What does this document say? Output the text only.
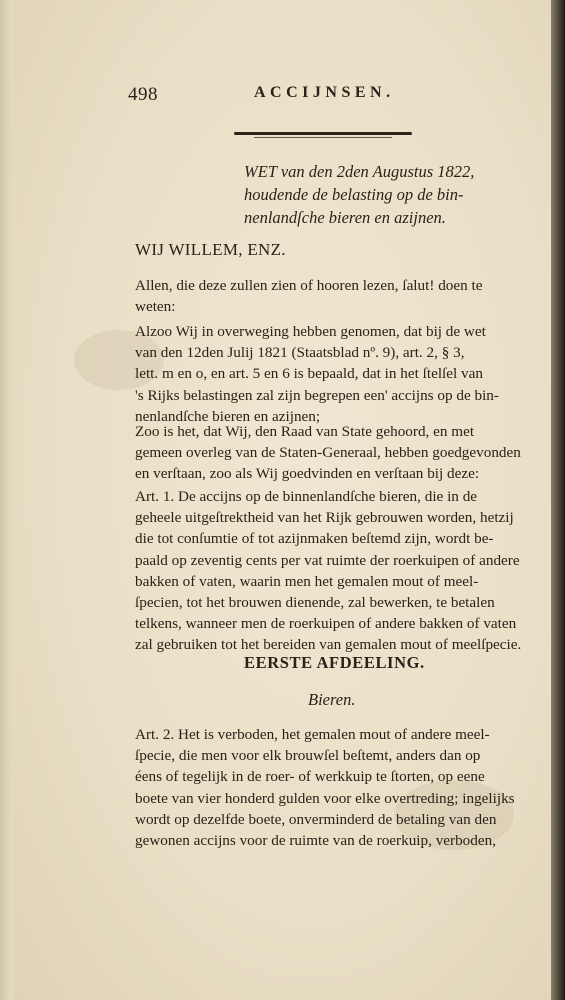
498	ACCIJNSEN.
WET van den 2den Augustus 1822,
houdende de belasting op de bin-
nenlandſche bieren en azijnen.
WIJ WILLEM, ENZ.
Allen, die deze zullen zien of hooren lezen, ſalut! doen te
weten:
Alzoo Wij in overweging hebben genomen, dat bij de wet
van den 12den Julij 1821 (Staatsblad nº. 9), art. 2, § 3,
lett. m en o, en art. 5 en 6 is bepaald, dat in het ſtelſel van
's Rijks belastingen zal zijn begrepen een' accijns op de bin-
nenlandſche bieren en azijnen;
Zoo is het, dat Wij, den Raad van State gehoord, en met
gemeen overleg van de Staten-Generaal, hebben goedgevonden
en verſtaan, zoo als Wij goedvinden en verſtaan bij deze:
Art. 1. De accijns op de binnenlandſche bieren, die in de
geheele uitgeſtrektheid van het Rijk gebrouwen worden, hetzij
die tot conſumtie of tot azijnmaken beſtemd zijn, wordt be-
paald op zeventig cents per vat ruimte der roerkuipen of andere
bakken of vaten, waarin men het gemalen mout of meel-
ſpecien, tot het brouwen dienende, zal bewerken, te betalen
telkens, wanneer men de roerkuipen of andere bakken of vaten
zal gebruiken tot het bereiden van gemalen mout of meelſpecie.
EERSTE AFDEELING.
Bieren.
Art. 2. Het is verboden, het gemalen mout of andere meel-
ſpecie, die men voor elk brouwſel beſtemt, anders dan op
éens of tegelijk in de roer- of werkkuip te ſtorten, op eene
boete van vier honderd gulden voor elke overtreding; ingelijks
wordt op dezelfde boete, onverminderd de betaling van den
gewonen accijns voor de ruimte van de roerkuip, verboden,
